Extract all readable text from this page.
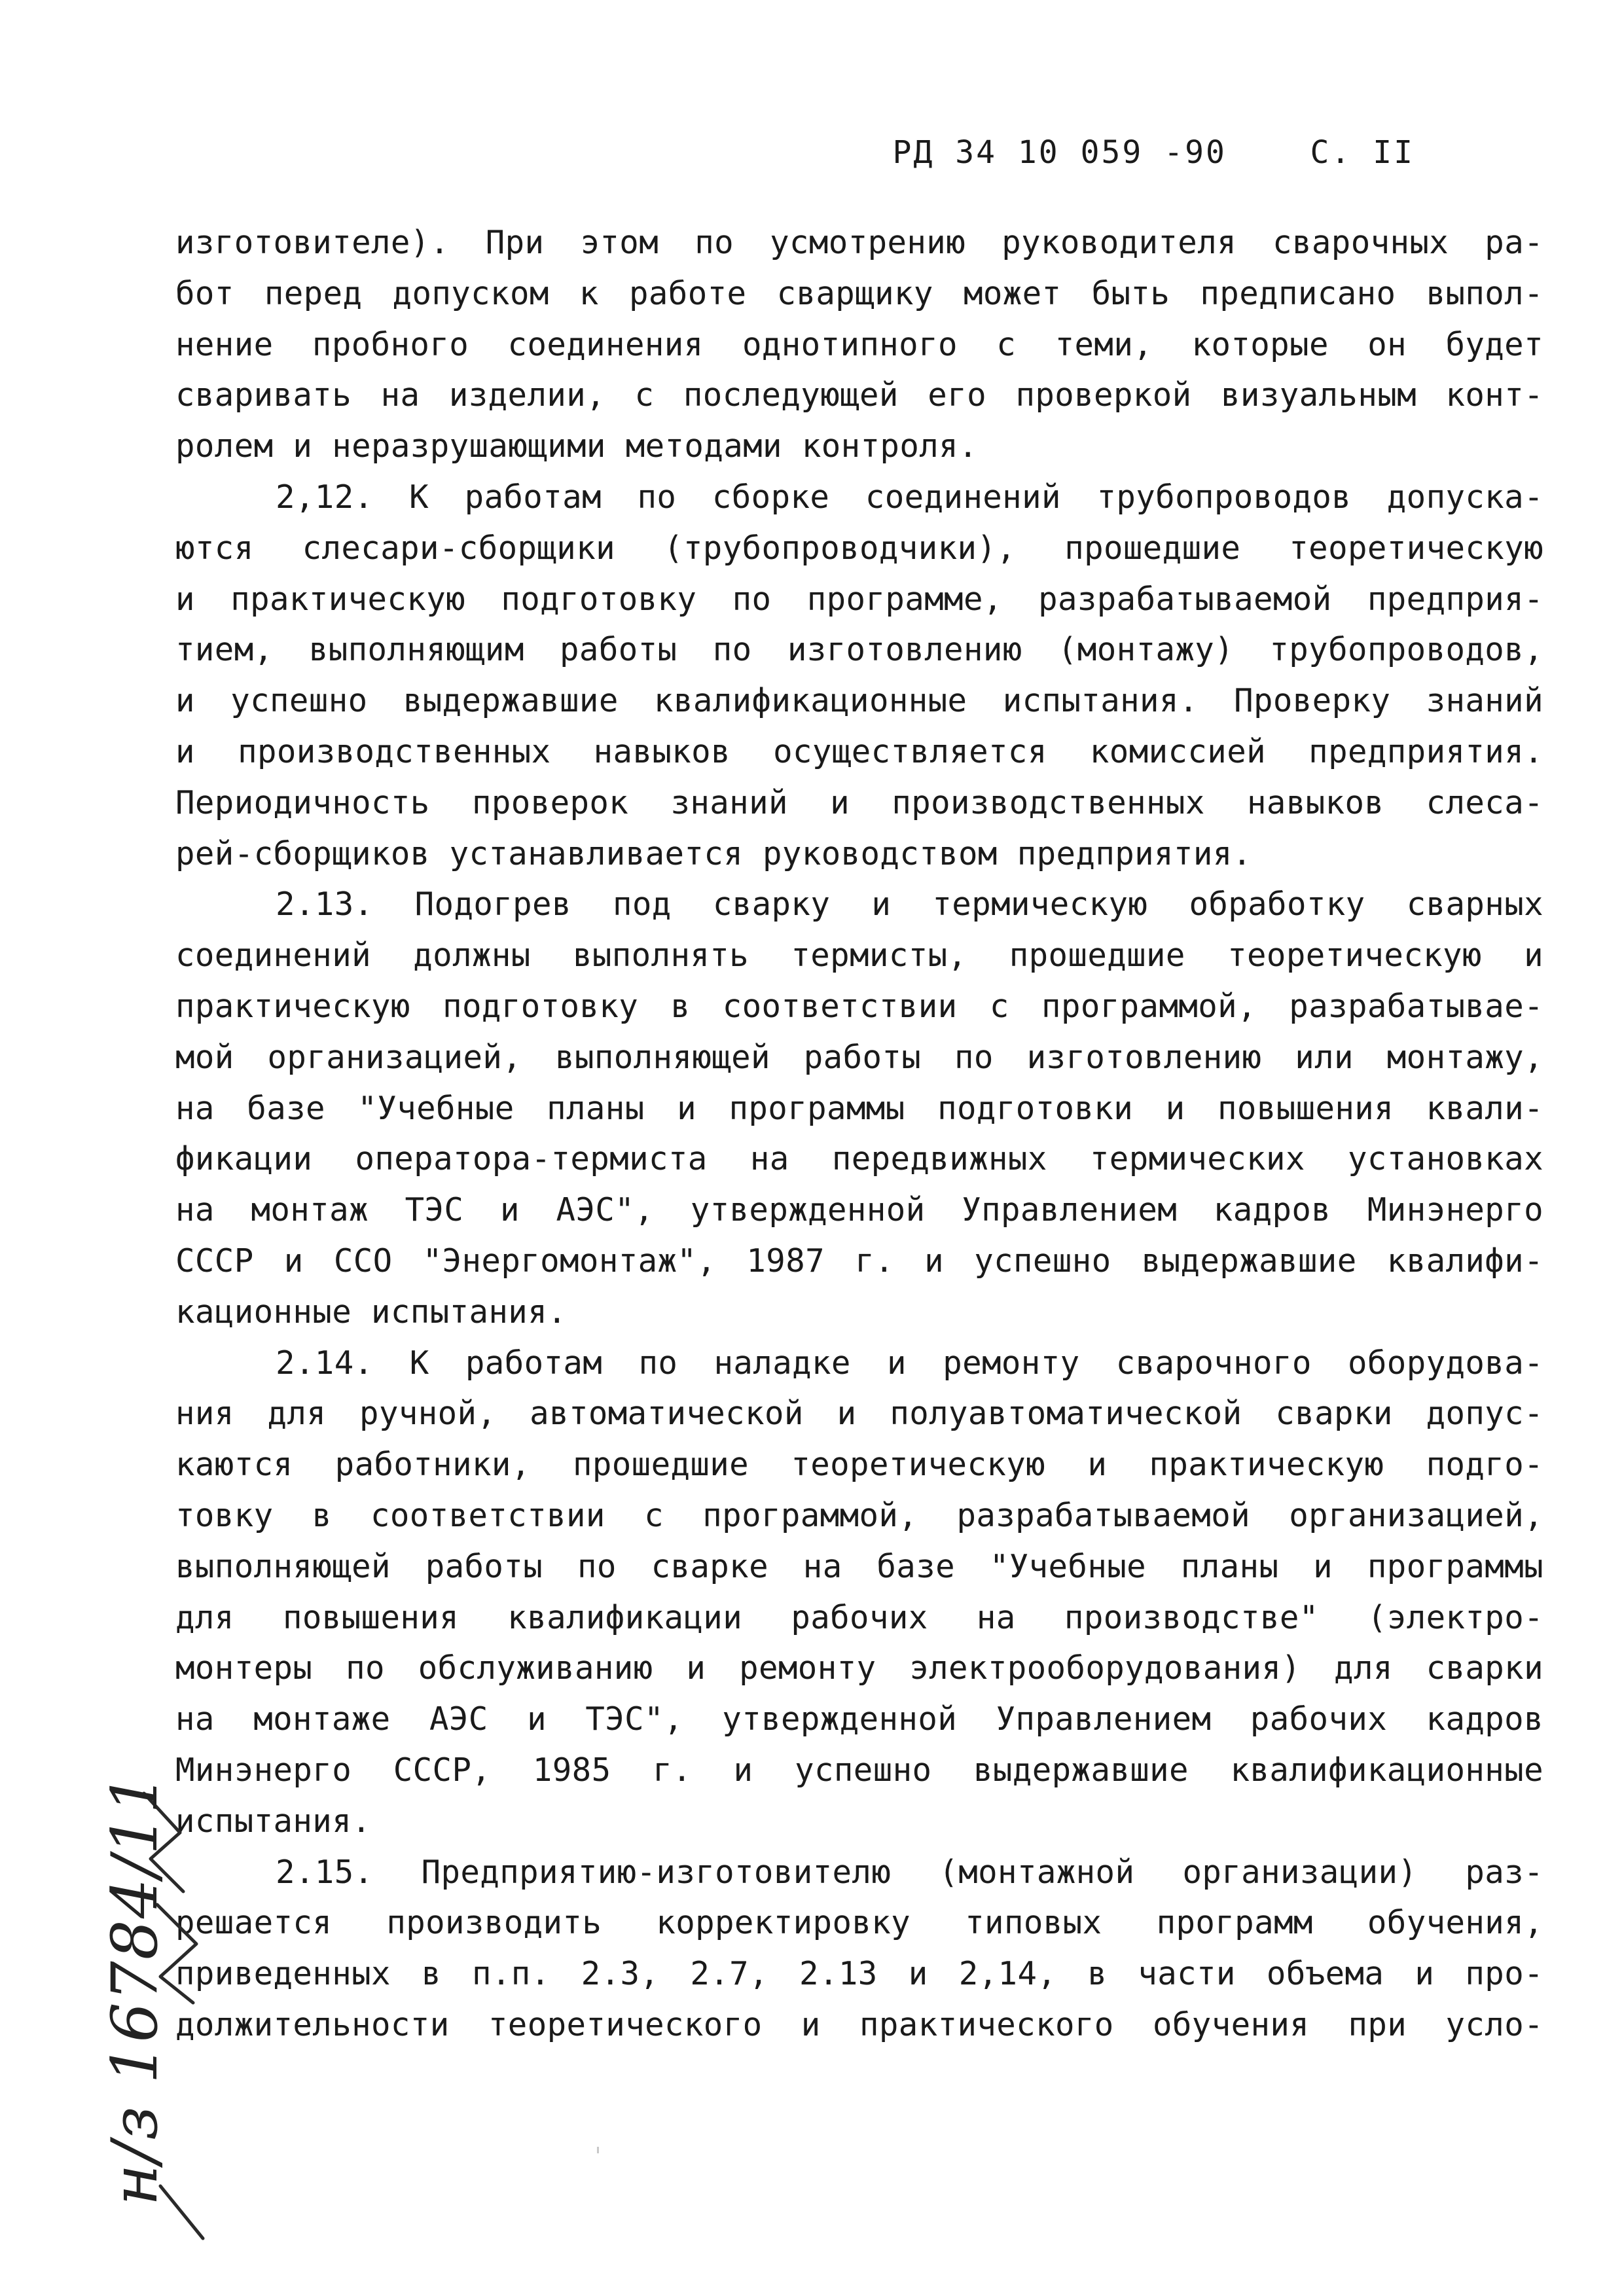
РД 34 10 059 -90	С. II
изготовителе). При этом по усмотрению руководителя сварочных ра-
бот перед допуском к работе сварщику может быть предписано выпол-
нение пробного соединения однотипного с теми, которые он будет
сваривать на изделии, с последующей его проверкой визуальным конт-
ролем и неразрушающими методами контроля.
2,12. К работам по сборке соединений трубопроводов допуска-
ются слесари-сборщики (трубопроводчики), прошедшие теоретическую
и практическую подготовку по программе, разрабатываемой предприя-
тием, выполняющим работы по изготовлению (монтажу) трубопроводов,
и успешно выдержавшие квалификационные испытания. Проверку знаний
и производственных навыков осуществляется комиссией предприятия.
Периодичность проверок знаний и производственных навыков слеса-
рей-сборщиков устанавливается руководством предприятия.
2.13. Подогрев под сварку и термическую обработку сварных
соединений должны выполнять термисты, прошедшие теоретическую и
практическую подготовку в соответствии с программой, разрабатывае-
мой организацией, выполняющей работы по изготовлению или монтажу,
на базе "Учебные планы и программы подготовки и повышения квали-
фикации оператора-термиста на передвижных термических установках
на монтаж ТЭС и АЭС", утвержденной Управлением кадров Минэнерго
СССР и ССО "Энергомонтаж", 1987 г. и успешно выдержавшие квалифи-
кационные испытания.
2.14. К работам по наладке и ремонту сварочного оборудова-
ния для ручной, автоматической и полуавтоматической сварки допус-
каются работники, прошедшие теоретическую и практическую подго-
товку в соответствии с программой, разрабатываемой организацией,
выполняющей работы по сварке на базе "Учебные планы и программы
для повышения квалификации рабочих на производстве" (электро-
монтеры по обслуживанию и ремонту электрооборудования) для сварки
на монтаже АЭС и ТЭС", утвержденной Управлением рабочих кадров
Минэнерго СССР, 1985 г. и успешно выдержавшие квалификационные
испытания.
2.15. Предприятию-изготовителю (монтажной организации) раз-
решается производить корректировку типовых программ обучения,
приведенных в п.п. 2.3, 2.7, 2.13 и 2,14, в части объема и про-
должительности теоретического и практического обучения при усло-
н/з 16784/11
